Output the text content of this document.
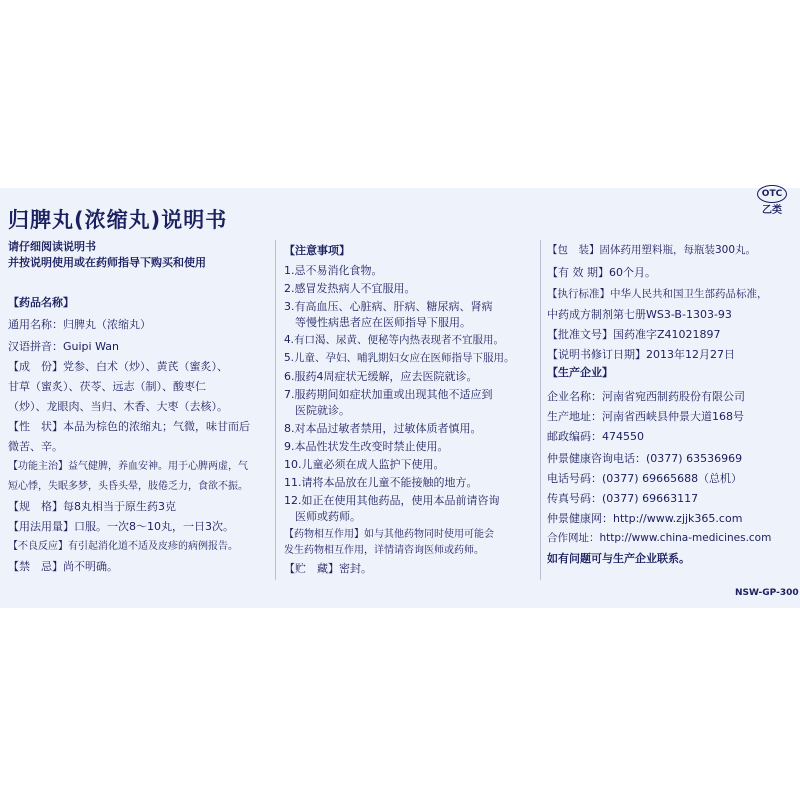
归脾丸(浓缩丸)说明书
OTC
乙类
请仔细阅读说明书
并按说明使用或在药师指导下购买和使用
【药品名称】
通用名称：归脾丸（浓缩丸）
汉语拼音：Guipi Wan
【成　份】党参、白术（炒）、黄芪（蜜炙）、
甘草（蜜炙）、茯苓、远志（制）、酸枣仁
（炒）、龙眼肉、当归、木香、大枣（去核）。
【性　状】本品为棕色的浓缩丸；气微，味甘而后
微苦、辛。
【功能主治】益气健脾，养血安神。用于心脾两虚，气
短心悸，失眠多梦，头昏头晕，肢倦乏力，食欲不振。
【规　格】每8丸相当于原生药3克
【用法用量】口服。一次8～10丸，一日3次。
【不良反应】有引起消化道不适及皮疹的病例报告。
【禁　忌】尚不明确。
【注意事项】
1.忌不易消化食物。
2.感冒发热病人不宜服用。
3.有高血压、心脏病、肝病、糖尿病、肾病
　等慢性病患者应在医师指导下服用。
4.有口渴、尿黄、便秘等内热表现者不宜服用。
5.儿童、孕妇、哺乳期妇女应在医师指导下服用。
6.服药4周症状无缓解，应去医院就诊。
7.服药期间如症状加重或出现其他不适应到
　医院就诊。
8.对本品过敏者禁用，过敏体质者慎用。
9.本品性状发生改变时禁止使用。
10.儿童必须在成人监护下使用。
11.请将本品放在儿童不能接触的地方。
12.如正在使用其他药品，使用本品前请咨询
　医师或药师。
【药物相互作用】如与其他药物同时使用可能会
发生药物相互作用，详情请咨询医师或药师。
【贮　藏】密封。
【包　装】固体药用塑料瓶，每瓶装300丸。
【有 效 期】60个月。
【执行标准】中华人民共和国卫生部药品标准，
中药成方制剂第七册WS3-B-1303-93
【批准文号】国药准字Z41021897
【说明书修订日期】2013年12月27日
【生产企业】
企业名称：河南省宛西制药股份有限公司
生产地址：河南省西峡县仲景大道168号
邮政编码：474550
仲景健康咨询电话：(0377) 63536969
电话号码：(0377) 69665688（总机）
传真号码：(0377) 69663117
仲景健康网：http://www.zjjk365.com
合作网址：http://www.china-medicines.com
如有问题可与生产企业联系。
NSW-GP-300
